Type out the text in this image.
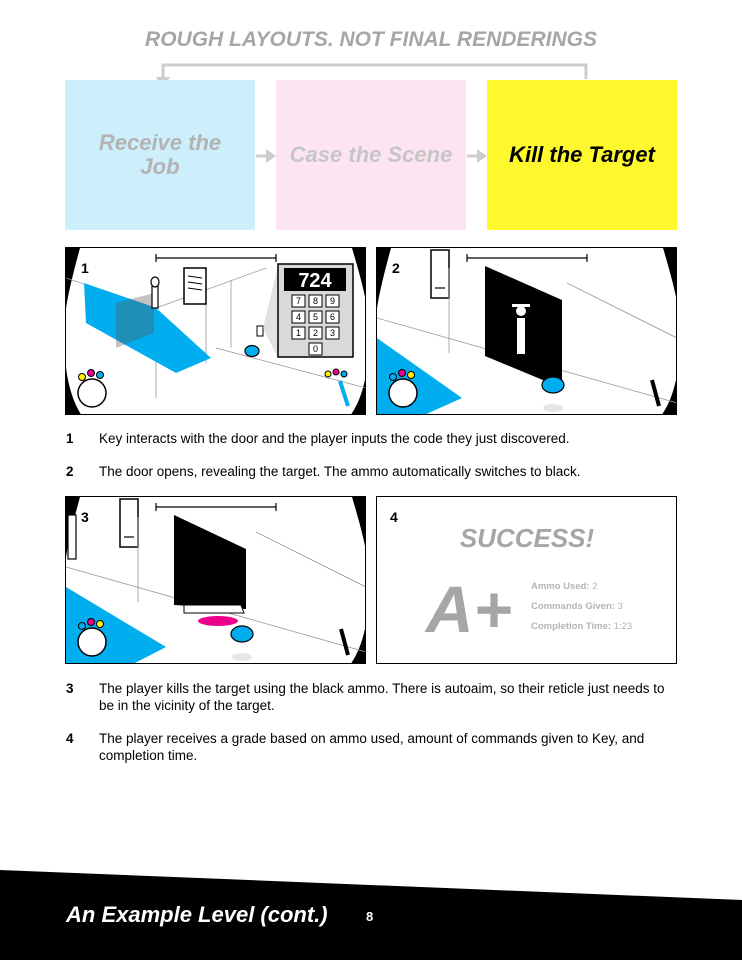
ROUGH LAYOUTS. NOT FINAL RENDERINGS
Receive the
Job	Case the Scene	Kill the Target
724
7 8 9
4 5 6
1 2 3
0
1	2
1	Key interacts with the door and the player inputs the code they just discovered.
2	The door opens, revealing the target. The ammo automatically switches to black.
3
SUCCESS!
A+ Ammo Used: 2
Commands Given: 3
Completion Time: 1:23
4
3	The player kills the target using the black ammo. There is autoaim, so their reticle just needs to be in the vicinity of the target.
4	The player receives a grade based on ammo used, amount of commands given to Key, and completion time.
An Example Level (cont.)	8
